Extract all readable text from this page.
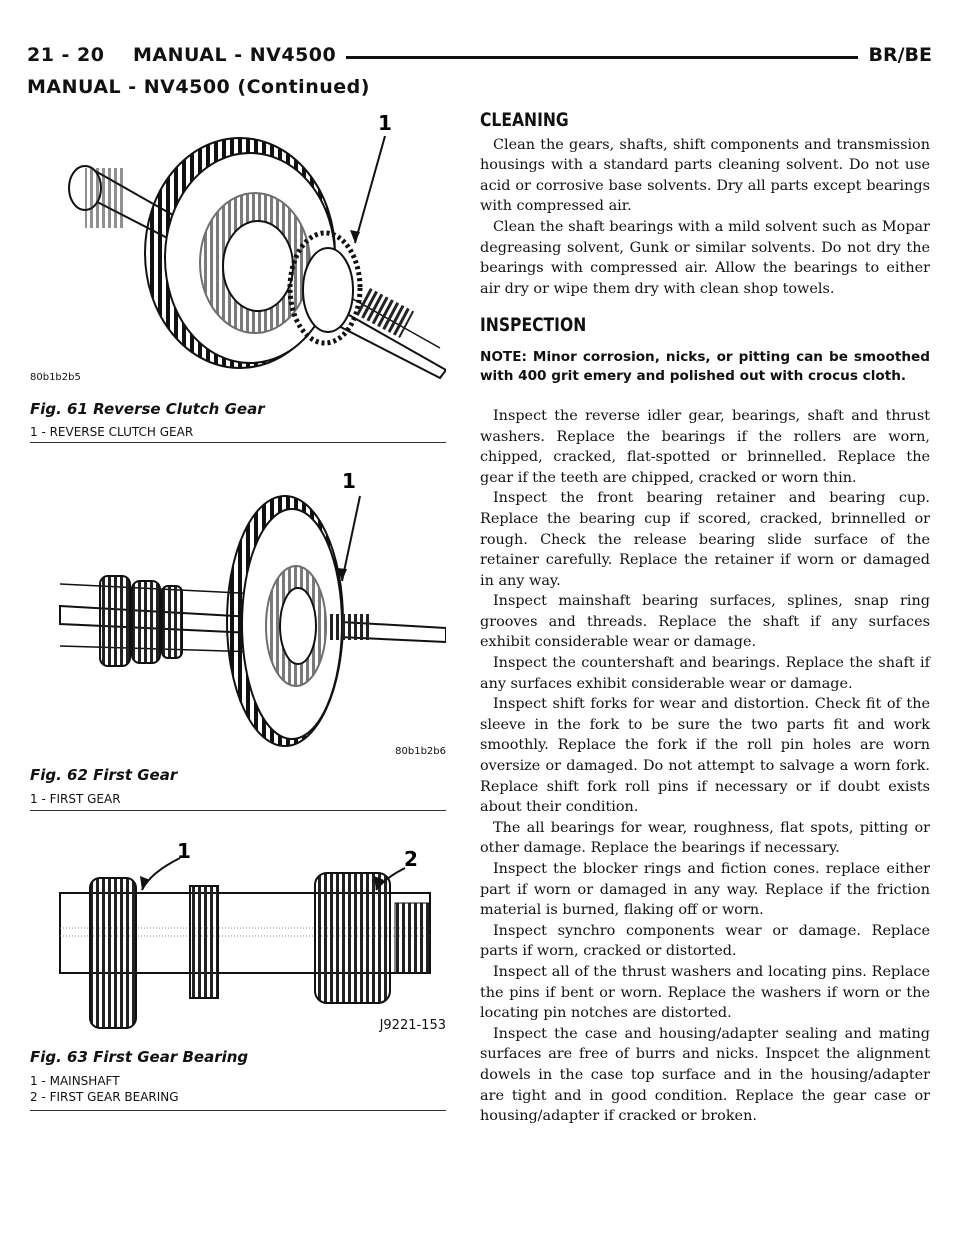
21 - 20    MANUAL - NV4500	BR/BE
MANUAL - NV4500 (Continued)
1
80b1b2b5
Fig. 61 Reverse Clutch Gear
1 - REVERSE CLUTCH GEAR
1
80b1b2b6
Fig. 62 First Gear
1 - FIRST GEAR
1	2
J9221-153
Fig. 63 First Gear Bearing
1 - MAINSHAFT
2 - FIRST GEAR BEARING
CLEANING

Clean the gears, shafts, shift components and transmission housings with a standard parts cleaning solvent. Do not use acid or corrosive base solvents. Dry all parts except bearings with compressed air.

Clean the shaft bearings with a mild solvent such as Mopar degreasing solvent, Gunk or similar solvents. Do not dry the bearings with compressed air. Allow the bearings to either air dry or wipe them dry with clean shop towels.

INSPECTION

NOTE: Minor corrosion, nicks, or pitting can be smoothed with 400 grit emery and polished out with crocus cloth.

Inspect the reverse idler gear, bearings, shaft and thrust washers. Replace the bearings if the rollers are worn, chipped, cracked, flat-spotted or brinnelled. Replace the gear if the teeth are chipped, cracked or worn thin.

Inspect the front bearing retainer and bearing cup. Replace the bearing cup if scored, cracked, brinnelled or rough. Check the release bearing slide surface of the retainer carefully. Replace the retainer if worn or damaged in any way.

Inspect mainshaft bearing surfaces, splines, snap ring grooves and threads. Replace the shaft if any surfaces exhibit considerable wear or damage.

Inspect the countershaft and bearings. Replace the shaft if any surfaces exhibit considerable wear or damage.

Inspect shift forks for wear and distortion. Check fit of the sleeve in the fork to be sure the two parts fit and work smoothly. Replace the fork if the roll pin holes are worn oversize or damaged. Do not attempt to salvage a worn fork. Replace shift fork roll pins if necessary or if doubt exists about their condition.

The all bearings for wear, roughness, flat spots, pitting or other damage. Replace the bearings if necessary.

Inspect the blocker rings and fiction cones. replace either part if worn or damaged in any way. Replace if the friction material is burned, flaking off or worn.

Inspect synchro components wear or damage. Replace parts if worn, cracked or distorted.

Inspect all of the thrust washers and locating pins. Replace the pins if bent or worn. Replace the washers if worn or the locating pin notches are distorted.

Inspect the case and housing/adapter sealing and mating surfaces are free of burrs and nicks. Inspcet the alignment dowels in the case top surface and in the housing/adapter are tight and in good condition. Replace the gear case or housing/adapter if cracked or broken.
